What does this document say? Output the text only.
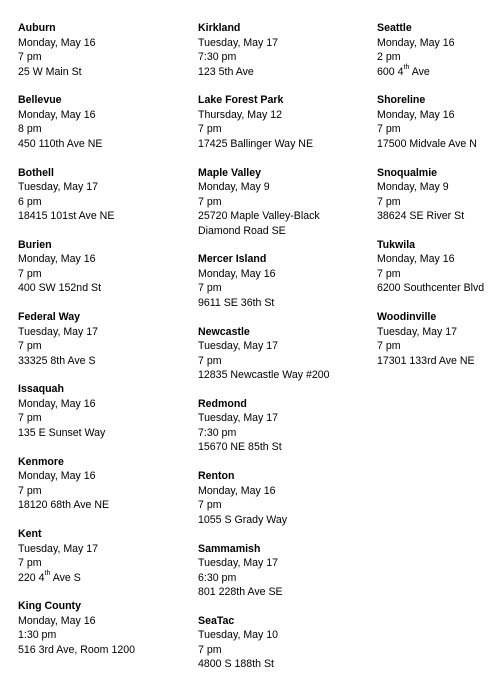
Auburn
Monday, May 16
7 pm
25 W Main St
Bellevue
Monday, May 16
8 pm
450 110th Ave NE
Bothell
Tuesday, May 17
6 pm
18415 101st Ave NE
Burien
Monday, May 16
7 pm
400 SW 152nd St
Federal Way
Tuesday, May 17
7 pm
33325 8th Ave S
Issaquah
Monday, May 16
7 pm
135 E Sunset Way
Kenmore
Monday, May 16
7 pm
18120 68th Ave NE
Kent
Tuesday, May 17
7 pm
220 4th Ave S
King County
Monday, May 16
1:30 pm
516 3rd Ave, Room 1200
Kirkland
Tuesday, May 17
7:30 pm
123 5th Ave
Lake Forest Park
Thursday, May 12
7 pm
17425 Ballinger Way NE
Maple Valley
Monday, May 9
7 pm
25720 Maple Valley-Black Diamond Road SE
Mercer Island
Monday, May 16
7 pm
9611 SE 36th St
Newcastle
Tuesday, May 17
7 pm
12835 Newcastle Way #200
Redmond
Tuesday, May 17
7:30 pm
15670 NE 85th St
Renton
Monday, May 16
7 pm
1055 S Grady Way
Sammamish
Tuesday, May 17
6:30 pm
801 228th Ave SE
SeaTac
Tuesday, May 10
7 pm
4800 S 188th St
Seattle
Monday, May 16
2 pm
600 4th Ave
Shoreline
Monday, May 16
7 pm
17500 Midvale Ave N
Snoqualmie
Monday, May 9
7 pm
38624 SE River St
Tukwila
Monday, May 16
7 pm
6200 Southcenter Blvd
Woodinville
Tuesday, May 17
7 pm
17301 133rd Ave NE
